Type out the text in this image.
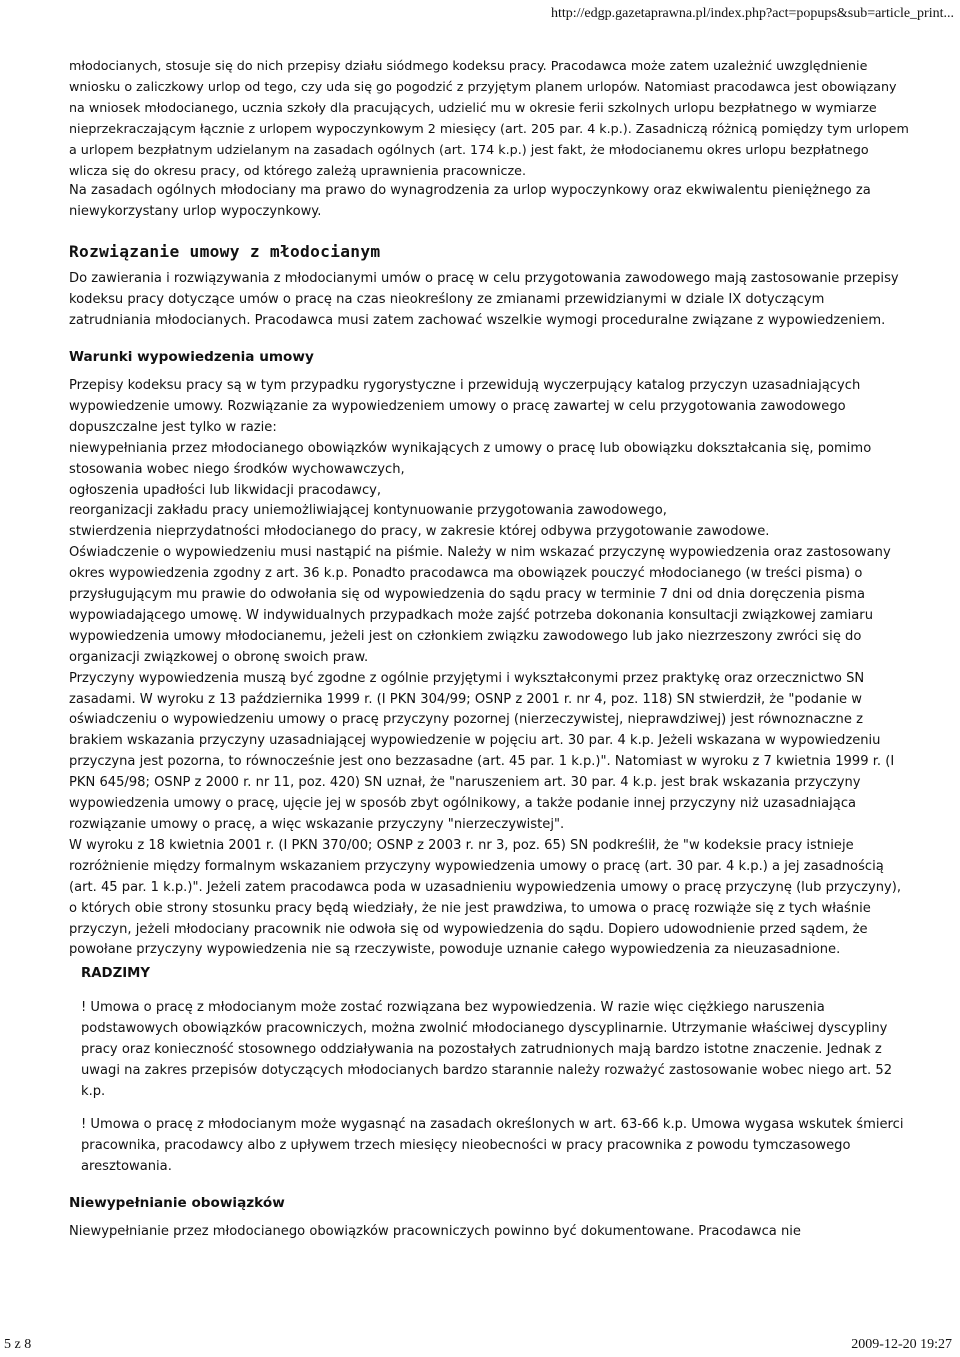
http://edgp.gazetaprawna.pl/index.php?act=popups&sub=article_print...

młodocianych, stosuje się do nich przepisy działu siódmego kodeksu pracy. Pracodawca może zatem uzależnić uwzględnienie wniosku o zaliczkowy urlop od tego, czy uda się go pogodzić z przyjętym planem urlopów. Natomiast pracodawca jest obowiązany na wniosek młodocianego, ucznia szkoły dla pracujących, udzielić mu w okresie ferii szkolnych urlopu bezpłatnego w wymiarze nieprzekraczającym łącznie z urlopem wypoczynkowym 2 miesięcy (art. 205 par. 4 k.p.). Zasadniczą różnicą pomiędzy tym urlopem a urlopem bezpłatnym udzielanym na zasadach ogólnych (art. 174 k.p.) jest fakt, że młodocianemu okres urlopu bezpłatnego wlicza się do okresu pracy, od którego zależą uprawnienia pracownicze.

Na zasadach ogólnych młodociany ma prawo do wynagrodzenia za urlop wypoczynkowy oraz ekwiwalentu pieniężnego za niewykorzystany urlop wypoczynkowy.

Rozwiązanie umowy z młodocianym

Do zawierania i rozwiązywania z młodocianymi umów o pracę w celu przygotowania zawodowego mają zastosowanie przepisy kodeksu pracy dotyczące umów o pracę na czas nieokreślony ze zmianami przewidzianymi w dziale IX dotyczącym zatrudniania młodocianych. Pracodawca musi zatem zachować wszelkie wymogi proceduralne związane z wypowiedzeniem.

Warunki wypowiedzenia umowy

Przepisy kodeksu pracy są w tym przypadku rygorystyczne i przewidują wyczerpujący katalog przyczyn uzasadniających wypowiedzenie umowy. Rozwiązanie za wypowiedzeniem umowy o pracę zawartej w celu przygotowania zawodowego dopuszczalne jest tylko w razie:

niewypełniania przez młodocianego obowiązków wynikających z umowy o pracę lub obowiązku dokształcania się, pomimo stosowania wobec niego środków wychowawczych,

ogłoszenia upadłości lub likwidacji pracodawcy,

reorganizacji zakładu pracy uniemożliwiającej kontynuowanie przygotowania zawodowego,

stwierdzenia nieprzydatności młodocianego do pracy, w zakresie której odbywa przygotowanie zawodowe.

Oświadczenie o wypowiedzeniu musi nastąpić na piśmie. Należy w nim wskazać przyczynę wypowiedzenia oraz zastosowany okres wypowiedzenia zgodny z art. 36 k.p. Ponadto pracodawca ma obowiązek pouczyć młodocianego (w treści pisma) o przysługującym mu prawie do odwołania się od wypowiedzenia do sądu pracy w terminie 7 dni od dnia doręczenia pisma wypowiadającego umowę. W indywidualnych przypadkach może zajść potrzeba dokonania konsultacji związkowej zamiaru wypowiedzenia umowy młodocianemu, jeżeli jest on członkiem związku zawodowego lub jako niezrzeszony zwróci się do organizacji związkowej o obronę swoich praw.

Przyczyny wypowiedzenia muszą być zgodne z ogólnie przyjętymi i wykształconymi przez praktykę oraz orzecznictwo SN zasadami. W wyroku z 13 października 1999 r. (I PKN 304/99; OSNP z 2001 r. nr 4, poz. 118) SN stwierdził, że "podanie w oświadczeniu o wypowiedzeniu umowy o pracę przyczyny pozornej (nierzeczywistej, nieprawdziwej) jest równoznaczne z brakiem wskazania przyczyny uzasadniającej wypowiedzenie w pojęciu art. 30 par. 4 k.p. Jeżeli wskazana w wypowiedzeniu przyczyna jest pozorna, to równocześnie jest ono bezzasadne (art. 45 par. 1 k.p.)". Natomiast w wyroku z 7 kwietnia 1999 r. (I PKN 645/98; OSNP z 2000 r. nr 11, poz. 420) SN uznał, że "naruszeniem art. 30 par. 4 k.p. jest brak wskazania przyczyny wypowiedzenia umowy o pracę, ujęcie jej w sposób zbyt ogólnikowy, a także podanie innej przyczyny niż uzasadniająca rozwiązanie umowy o pracę, a więc wskazanie przyczyny "nierzeczywistej".

W wyroku z 18 kwietnia 2001 r. (I PKN 370/00; OSNP z 2003 r. nr 3, poz. 65) SN podkreślił, że "w kodeksie pracy istnieje rozróżnienie między formalnym wskazaniem przyczyny wypowiedzenia umowy o pracę (art. 30 par. 4 k.p.) a jej zasadnością (art. 45 par. 1 k.p.)". Jeżeli zatem pracodawca poda w uzasadnieniu wypowiedzenia umowy o pracę przyczynę (lub przyczyny), o których obie strony stosunku pracy będą wiedziały, że nie jest prawdziwa, to umowa o pracę rozwiąże się z tych właśnie przyczyn, jeżeli młodociany pracownik nie odwoła się od wypowiedzenia do sądu. Dopiero udowodnienie przed sądem, że powołane przyczyny wypowiedzenia nie są rzeczywiste, powoduje uznanie całego wypowiedzenia za nieuzasadnione.

RADZIMY

! Umowa o pracę z młodocianym może zostać rozwiązana bez wypowiedzenia. W razie więc ciężkiego naruszenia podstawowych obowiązków pracowniczych, można zwolnić młodocianego dyscyplinarnie. Utrzymanie właściwej dyscypliny pracy oraz konieczność stosownego oddziaływania na pozostałych zatrudnionych mają bardzo istotne znaczenie. Jednak z uwagi na zakres przepisów dotyczących młodocianych bardzo starannie należy rozważyć zastosowanie wobec niego art. 52 k.p.

! Umowa o pracę z młodocianym może wygasnąć na zasadach określonych w art. 63-66 k.p. Umowa wygasa wskutek śmierci pracownika, pracodawcy albo z upływem trzech miesięcy nieobecności w pracy pracownika z powodu tymczasowego aresztowania.

Niewypełnianie obowiązków

Niewypełnianie przez młodocianego obowiązków pracowniczych powinno być dokumentowane. Pracodawca nie

5 z 8	2009-12-20 19:27
